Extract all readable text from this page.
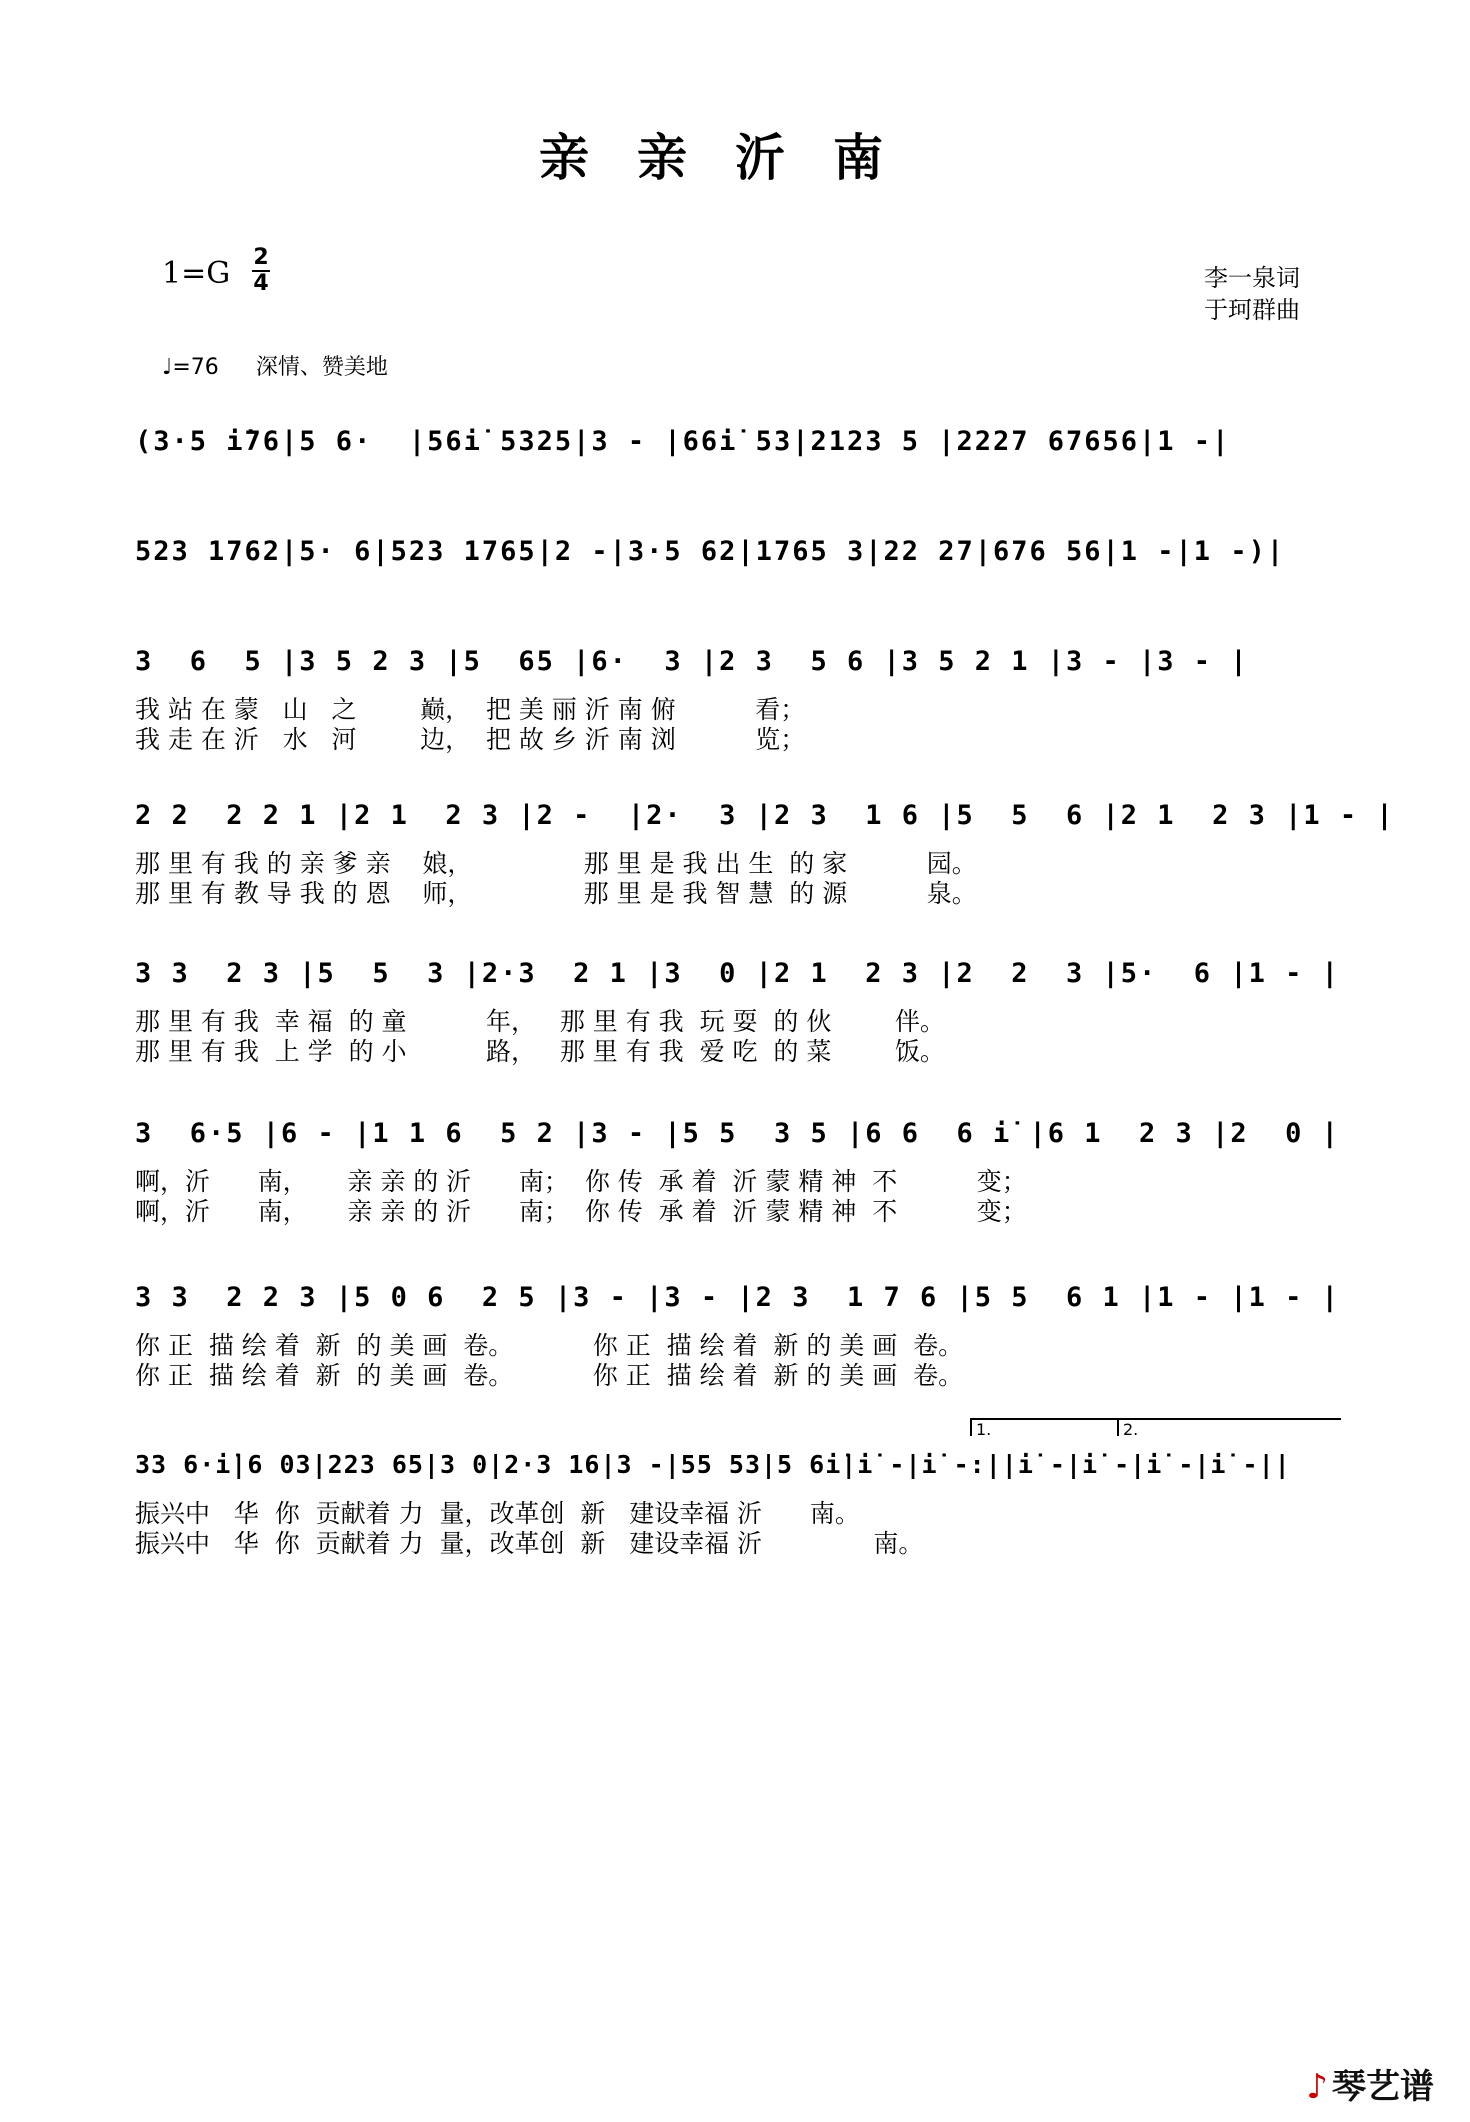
亲亲沂南
1=G 2
4	李一泉词
于珂群曲
♩=76 深情、赞美地
(3·5 i̇76|5 6·  |56i̇ 5325|3 - |66i̇ 53|2123 5 |2227 67656|1 -|
523 1762|5· 6|523 1765|2 -|3·5 62|1765 3|22 27|676 56|1 -|1 -)|
3  6  5 |3 5 2 3 |5  65 |6·  3 |2 3  5 6 |3 5 2 1 |3 - |3 - |
我 站 在 蒙   山   之        巅，  把 美 丽 沂 南 俯          看；
我 走 在 沂   水   河        边，  把 故 乡 沂 南 浏          览；
2 2  2 2 1 |2 1  2 3 |2 -  |2·  3 |2 3  1 6 |5  5  6 |2 1  2 3 |1 - |
那 里 有 我 的 亲 爹 亲    娘，              那 里 是 我 出 生  的 家          园。
那 里 有 教 导 我 的 恩    师，              那 里 是 我 智 慧  的 源          泉。
3 3  2 3 |5  5  3 |2·3  2 1 |3  0 |2 1  2 3 |2  2  3 |5·  6 |1 - |
那 里 有 我  幸 福  的 童          年，   那 里 有 我  玩 耍  的 伙        伴。
那 里 有 我  上 学  的 小          路，   那 里 有 我  爱 吃  的 菜        饭。
3  6·5 |6 - |1 1 6  5 2 |3 - |5 5  3 5 |6 6  6 i̇ |6 1  2 3 |2  0 |
啊，沂      南，     亲 亲 的 沂      南；  你 传  承 着  沂 蒙 精 神  不          变；
啊，沂      南，     亲 亲 的 沂      南；  你 传  承 着  沂 蒙 精 神  不          变；
3 3  2 2 3 |5 0 6  2 5 |3 - |3 - |2 3  1 7 6 |5 5  6 1 |1 - |1 - |
你 正  描 绘 着  新  的 美 画  卷。          你 正  描 绘 着  新 的 美 画  卷。
你 正  描 绘 着  新  的 美 画  卷。          你 正  描 绘 着  新 的 美 画  卷。
1.	2.
33 6·i̇|6 03|223 65|3 0|2·3 16|3 -|55 53|5 6i̇|i̇ -|i̇ -:||i̇ -|i̇ -|i̇ -|i̇ -||
振兴中   华  你  贡献着 力  量，改革创  新   建设幸福 沂      南。
振兴中   华  你  贡献着 力  量，改革创  新   建设幸福 沂              南。
♪ 琴艺谱
